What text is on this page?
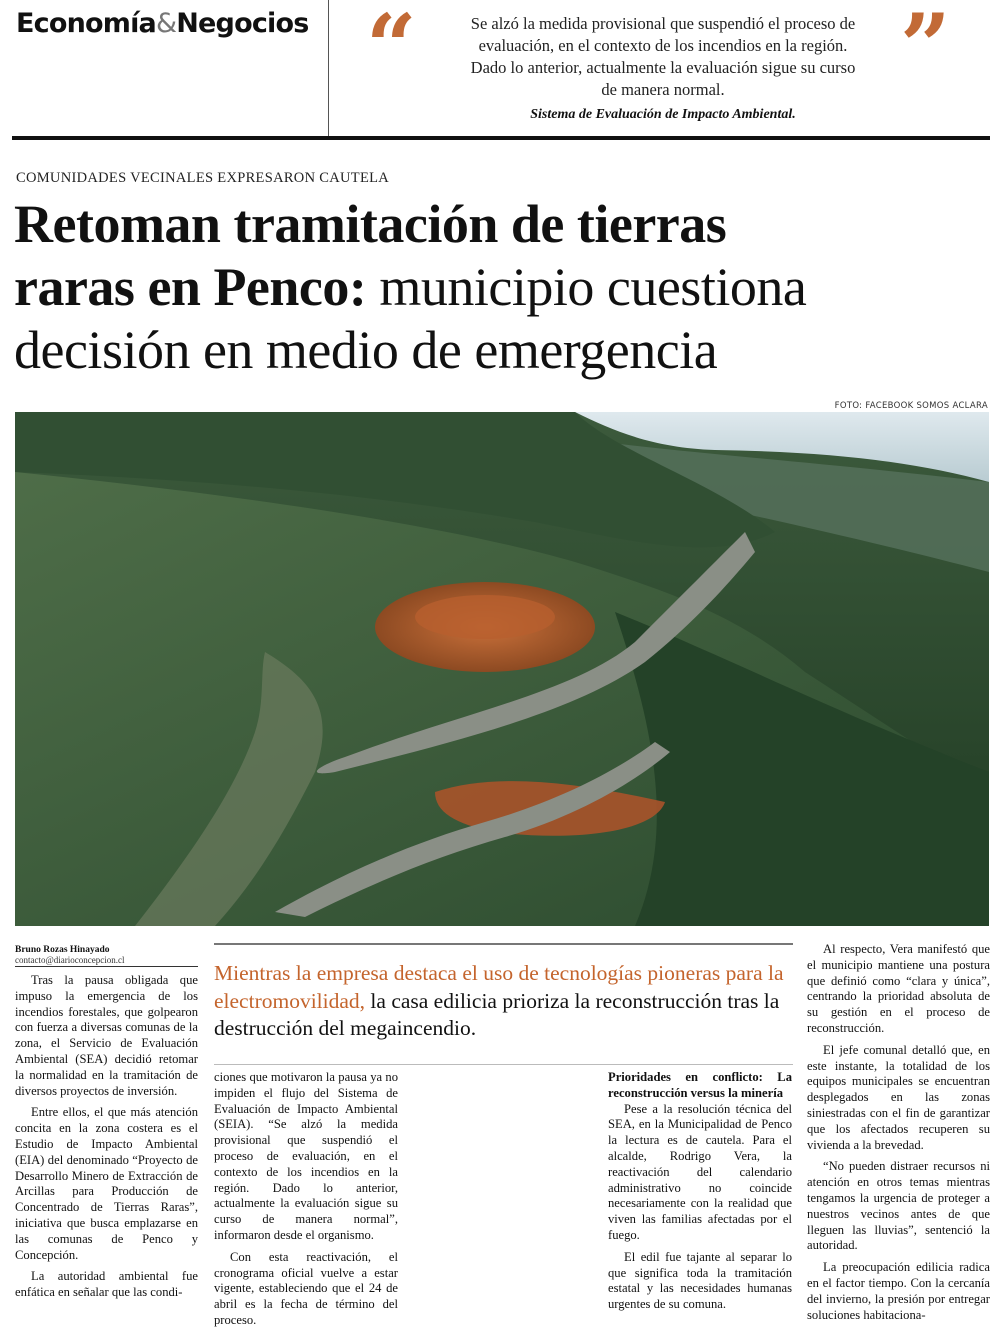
Economía&Negocios “	”
Se alzó la medida provisional que suspendió el proceso de
evaluación, en el contexto de los incendios en la región.
Dado lo anterior, actualmente la evaluación sigue su curso
de manera normal.
Sistema de Evaluación de Impacto Ambiental.
COMUNIDADES VECINALES EXPRESARON CAUTELA
Retoman tramitación de tierras
raras en Penco: municipio cuestiona
decisión en medio de emergencia
FOTO: FACEBOOK SOMOS ACLARA
Bruno Rozas Hinayado
contacto@diarioconcepcion.cl

Tras la pausa obligada que impuso la emergencia de los incendios forestales, que golpearon con fuerza a diversas comunas de la zona, el Servicio de Evaluación Ambiental (SEA) decidió retomar la normalidad en la tramitación de diversos proyectos de inversión.

Entre ellos, el que más atención concita en la zona costera es el Estudio de Impacto Ambiental (EIA) del denominado “Proyecto de Desarrollo Minero de Extracción de Arcillas para Producción de Concentrado de Tierras Raras”, iniciativa que busca emplazarse en las comunas de Penco y Concepción.

La autoridad ambiental fue enfática en señalar que las condi-

Mientras la empresa destaca el uso de tecnologías pioneras para la electromovilidad, la casa edilicia prioriza la reconstrucción tras la destrucción del megaincendio.

ciones que motivaron la pausa ya no impiden el flujo del Sistema de Evaluación de Impacto Ambiental (SEIA). “Se alzó la medida provisional que suspendió el proceso de evaluación, en el contexto de los incendios en la región. Dado lo anterior, actualmente la evaluación sigue su curso de manera normal”, informaron desde el organismo.

Con esta reactivación, el cronograma oficial vuelve a estar vigente, estableciendo que el 24 de abril es la fecha de término del proceso.

Prioridades en conflicto: La reconstrucción versus la minería

Pese a la resolución técnica del SEA, en la Municipalidad de Penco la lectura es de cautela. Para el alcalde, Rodrigo Vera, la reactivación del calendario administrativo no coincide necesariamente con la realidad que viven las familias afectadas por el fuego.

El edil fue tajante al separar lo que significa toda la tramitación estatal y las necesidades humanas urgentes de su comuna.

Al respecto, Vera manifestó que el municipio mantiene una postura que definió como “clara y única”, centrando la prioridad absoluta de su gestión en el proceso de reconstrucción.

El jefe comunal detalló que, en este instante, la totalidad de los equipos municipales se encuentran desplegados en las zonas siniestradas con el fin de garantizar que los afectados recuperen su vivienda a la brevedad.

“No pueden distraer recursos ni atención en otros temas mientras tengamos la urgencia de proteger a nuestros vecinos antes de que lleguen las lluvias”, sentenció la autoridad.

La preocupación edilicia radica en el factor tiempo. Con la cercanía del invierno, la presión por entregar soluciones habitaciona-
